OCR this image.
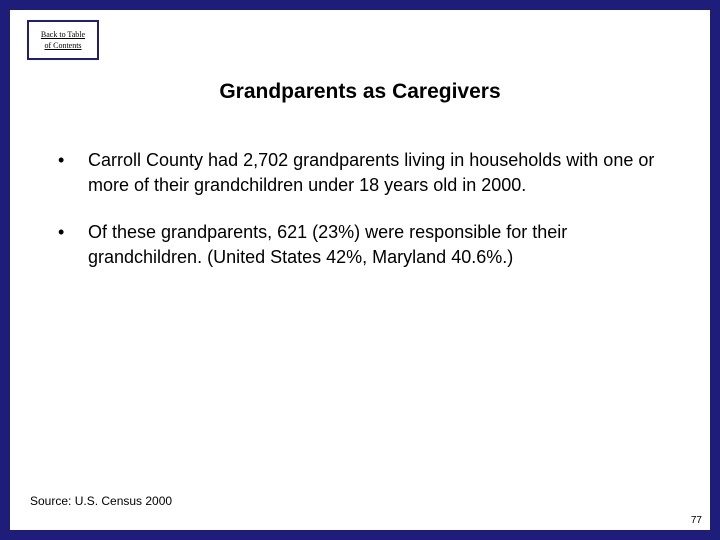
Back to Table
of Contents
Grandparents as Caregivers
•	Carroll County had 2,702 grandparents living in households with one or more of their grandchildren under 18 years old in 2000.
•	Of these grandparents, 621 (23%) were responsible for their grandchildren. (United States 42%, Maryland 40.6%.)
Source: U.S. Census 2000
77
